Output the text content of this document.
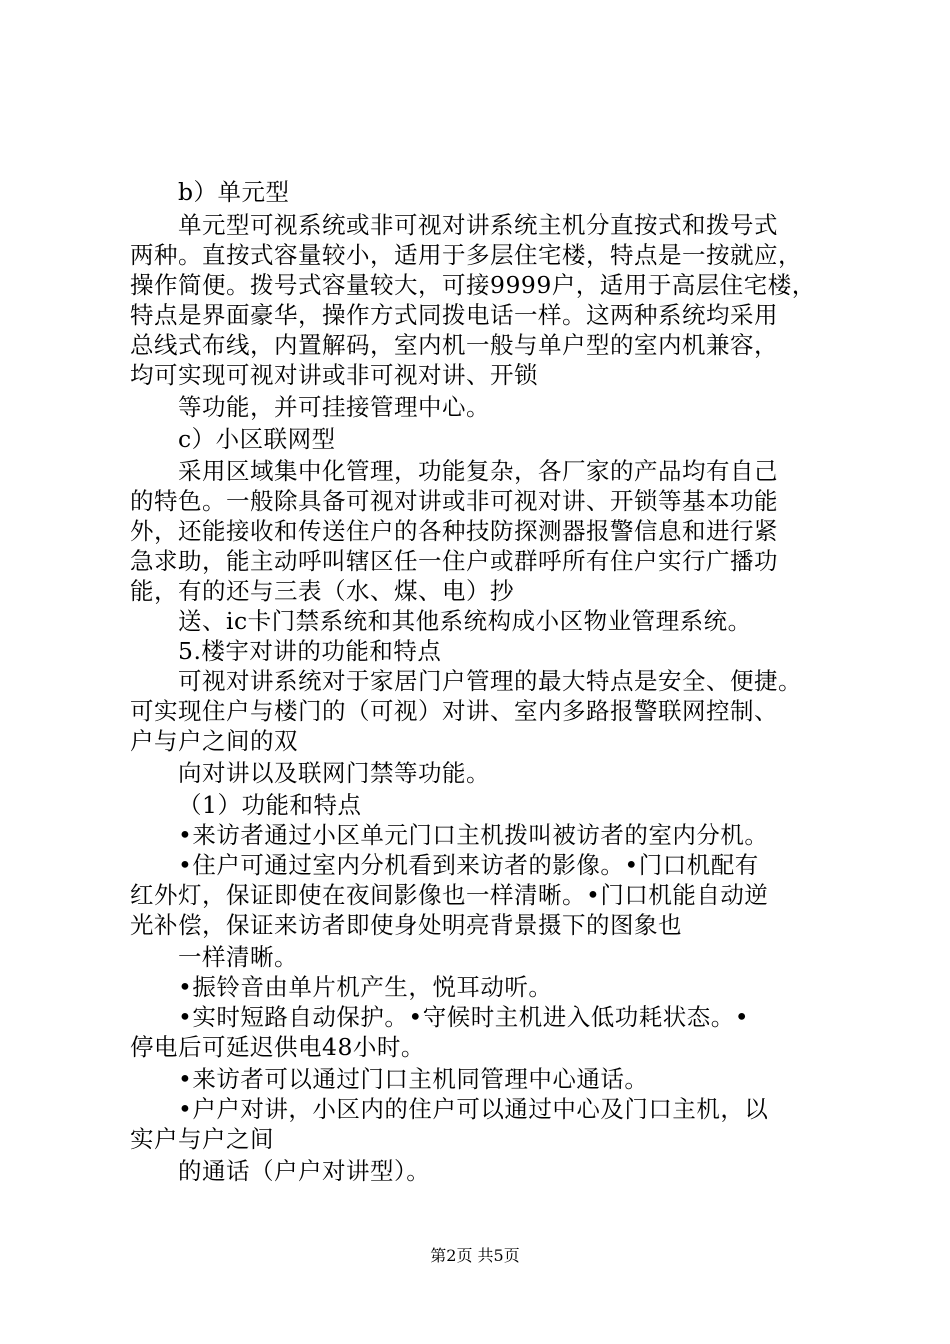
b）单元型
单元型可视系统或非可视对讲系统主机分直按式和拨号式
两种。直按式容量较小，适用于多层住宅楼，特点是一按就应，
操作简便。拨号式容量较大，可接9999户，适用于高层住宅楼，
特点是界面豪华，操作方式同拨电话一样。这两种系统均采用
总线式布线，内置解码，室内机一般与单户型的室内机兼容，
均可实现可视对讲或非可视对讲、开锁
等功能，并可挂接管理中心。
c）小区联网型
采用区域集中化管理，功能复杂，各厂家的产品均有自己
的特色。一般除具备可视对讲或非可视对讲、开锁等基本功能
外，还能接收和传送住户的各种技防探测器报警信息和进行紧
急求助，能主动呼叫辖区任一住户或群呼所有住户实行广播功
能，有的还与三表（水、煤、电）抄
送、ic卡门禁系统和其他系统构成小区物业管理系统。
5.楼宇对讲的功能和特点
可视对讲系统对于家居门户管理的最大特点是安全、便捷。
可实现住户与楼门的（可视）对讲、室内多路报警联网控制、
户与户之间的双
向对讲以及联网门禁等功能。
（1）功能和特点
•来访者通过小区单元门口主机拨叫被访者的室内分机。
•住户可通过室内分机看到来访者的影像。•门口机配有
红外灯，保证即使在夜间影像也一样清晰。•门口机能自动逆
光补偿，保证来访者即使身处明亮背景摄下的图象也
一样清晰。
•振铃音由单片机产生，悦耳动听。
•实时短路自动保护。•守候时主机进入低功耗状态。•
停电后可延迟供电48小时。
•来访者可以通过门口主机同管理中心通话。
•户户对讲，小区内的住户可以通过中心及门口主机，以
实户与户之间
的通话（户户对讲型）。
第2页 共5页
